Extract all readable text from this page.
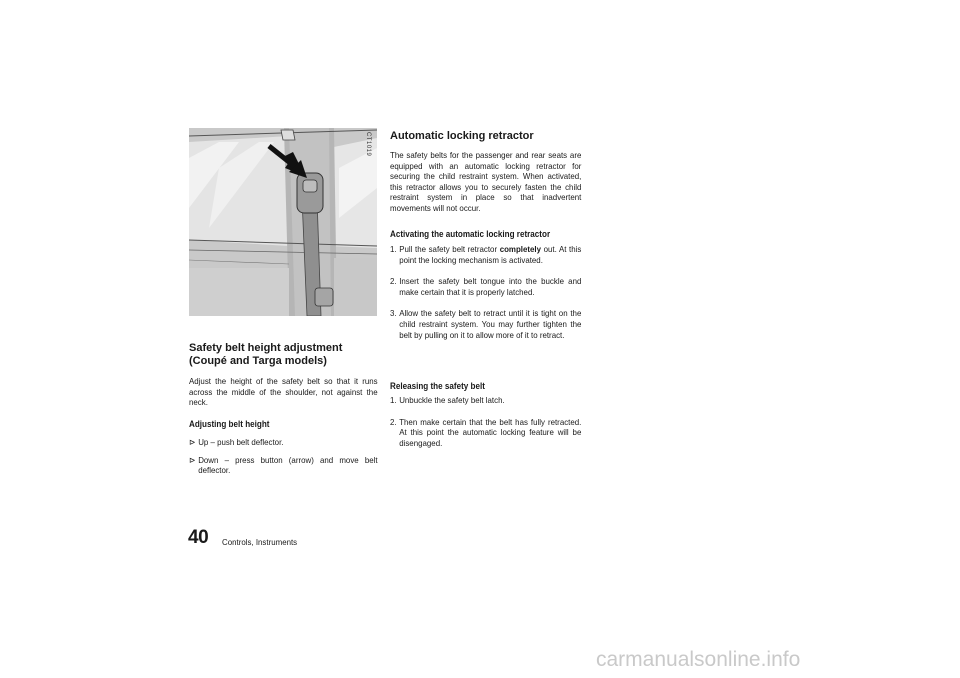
CT1019
Safety belt height adjustment
(Coupé and Targa models)

Adjust the height of the safety belt so that it runs across the middle of the shoulder, not against the neck.

Adjusting belt height
⊳ Up – push belt deflector.
⊳ Down – press button (arrow) and move belt deflector.
Automatic locking retractor

The safety belts for the passenger and rear seats are equipped with an automatic locking retractor for securing the child restraint system. When activated, this retractor allows you to securely fasten the child restraint system in place so that inadvertent movements will not occur.

Activating the automatic locking retractor
1. Pull the safety belt retractor completely out. At this point the locking mechanism is activated.
2. Insert the safety belt tongue into the buckle and make certain that it is properly latched.
3. Allow the safety belt to retract until it is tight on the child restraint system. You may further tighten the belt by pulling on it to allow more of it to retract.
Releasing the safety belt
1. Unbuckle the safety belt latch.
2. Then make certain that the belt has fully retracted. At this point the automatic locking feature will be disengaged.
40 Controls, Instruments
carmanualsonline.info
